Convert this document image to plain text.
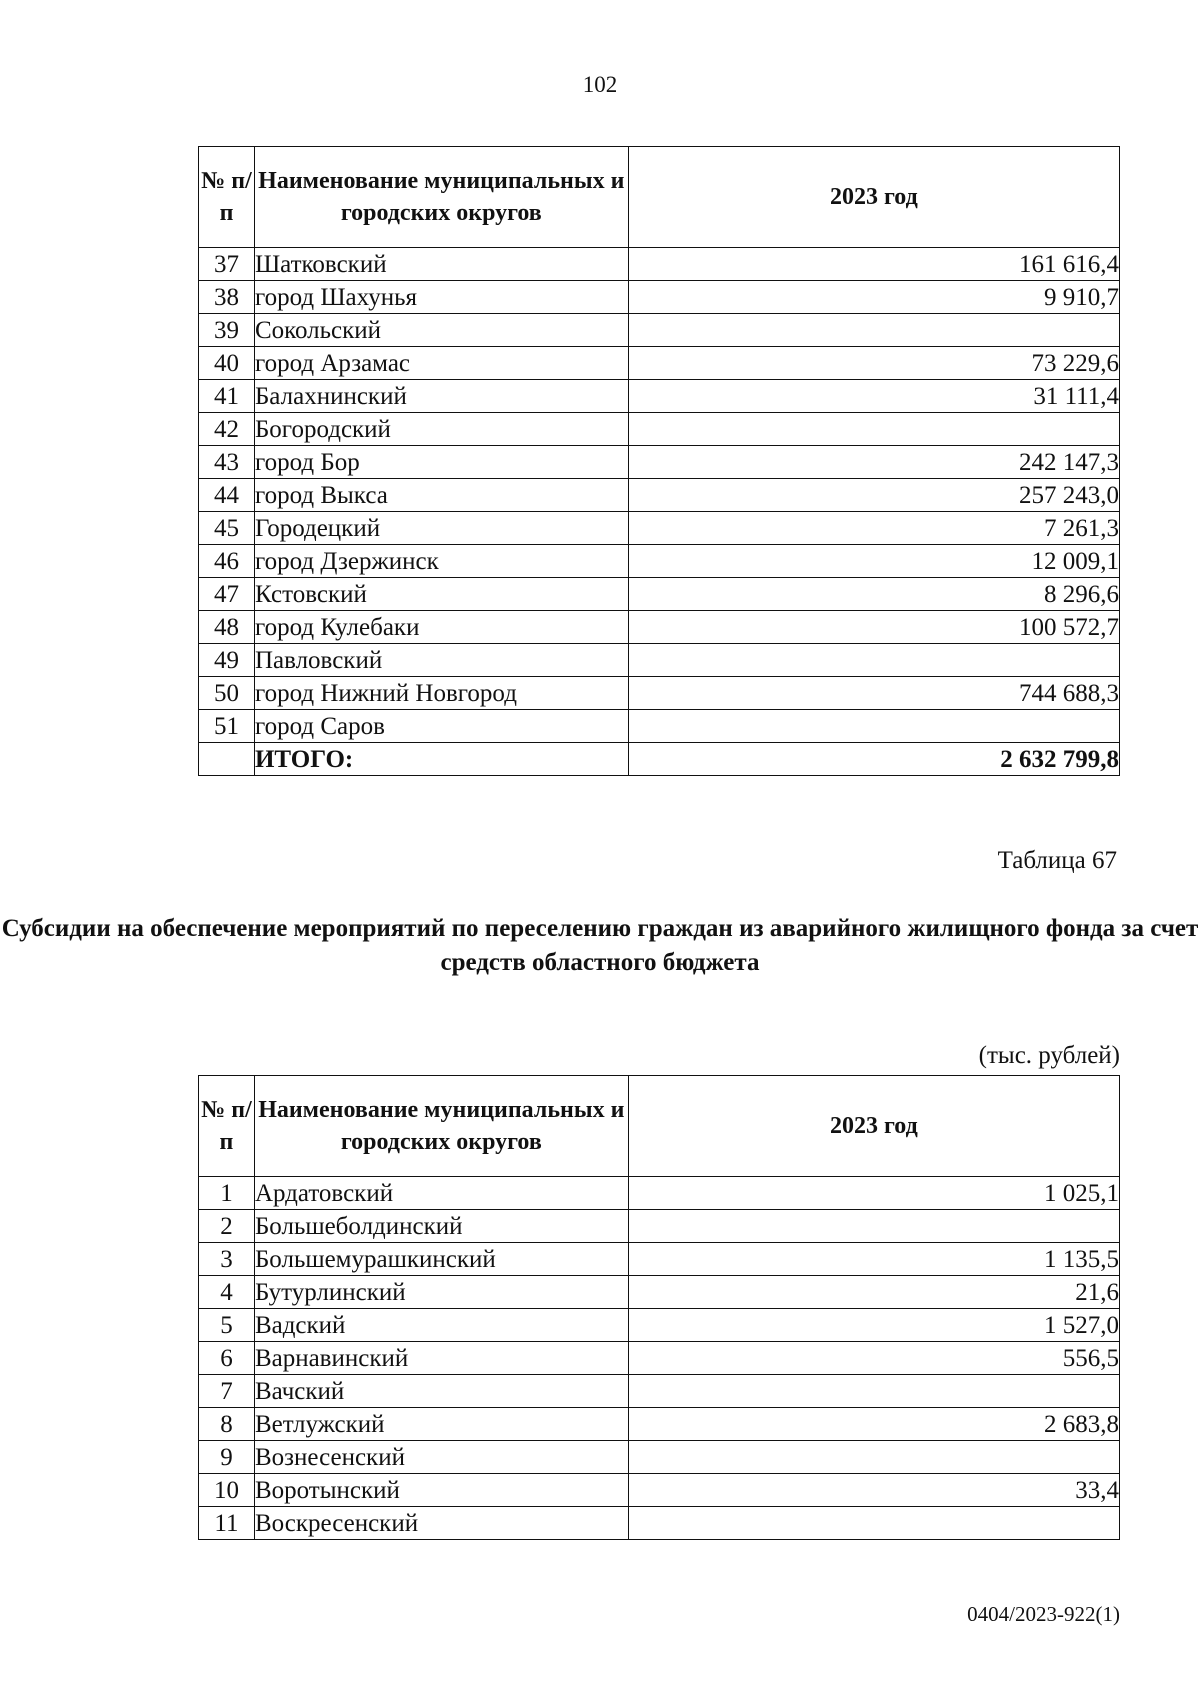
102
№ п/п	Наименование муниципальных и городских округов	2023 год
37	Шатковский	161 616,4
38	город Шахунья	9 910,7
39	Сокольский	
40	город Арзамас	73 229,6
41	Балахнинский	31 111,4
42	Богородский	
43	город Бор	242 147,3
44	город Выкса	257 243,0
45	Городецкий	7 261,3
46	город Дзержинск	12 009,1
47	Кстовский	8 296,6
48	город Кулебаки	100 572,7
49	Павловский	
50	город Нижний Новгород	744 688,3
51	город Саров	
	ИТОГО:	2 632 799,8
Таблица 67
Субсидии на обеспечение мероприятий по переселению граждан из аварийного жилищного фонда за счет средств областного бюджета
(тыс. рублей)
№ п/п	Наименование муниципальных и городских округов	2023 год
1	Ардатовский	1 025,1
2	Большеболдинский	
3	Большемурашкинский	1 135,5
4	Бутурлинский	21,6
5	Вадский	1 527,0
6	Варнавинский	556,5
7	Вачский	
8	Ветлужский	2 683,8
9	Вознесенский	
10	Воротынский	33,4
11	Воскресенский	
0404/2023-922(1)
